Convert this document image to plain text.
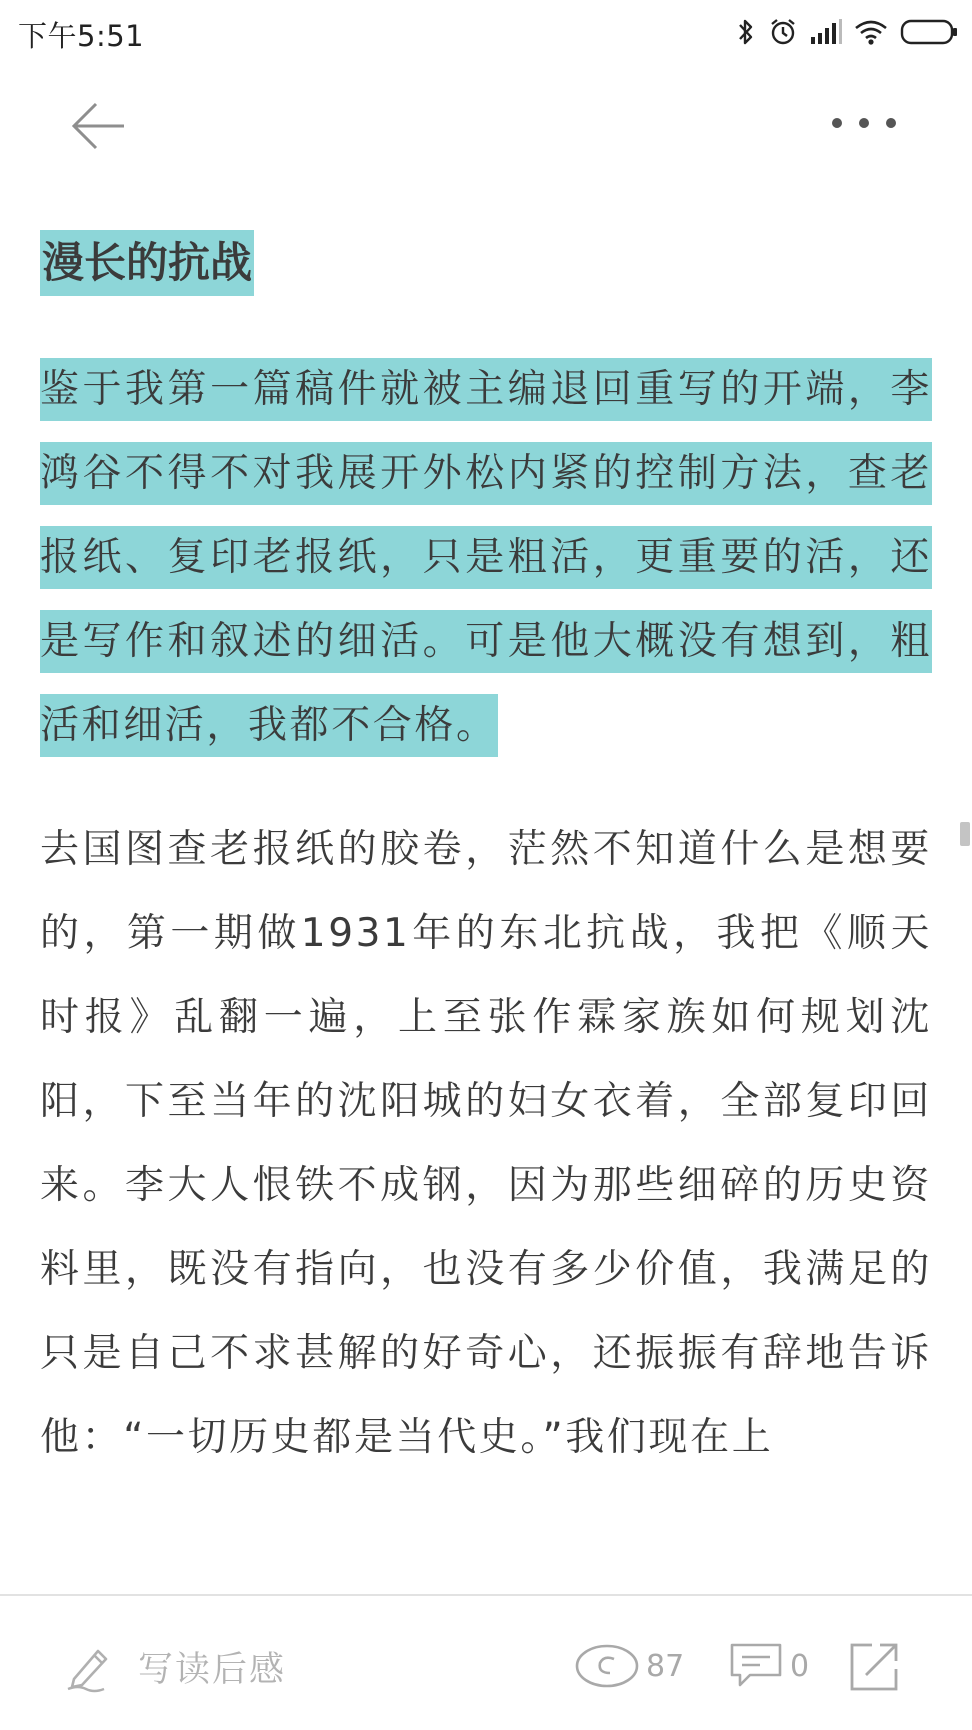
下午5:51
漫长的抗战

鉴于我第一篇稿件就被主编退回重写的开端，李鸿谷不得不对我展开外松内紧的控制方法，查老报纸、复印老报纸，只是粗活，更重要的活，还是写作和叙述的细活。可是他大概没有想到，粗活和细活，我都不合格。

去国图查老报纸的胶卷，茫然不知道什么是想要的，第一期做1931年的东北抗战，我把《顺天时报》乱翻一遍，上至张作霖家族如何规划沈阳，下至当年的沈阳城的妇女衣着，全部复印回来。李大人恨铁不成钢，因为那些细碎的历史资料里，既没有指向，也没有多少价值，我满足的只是自己不求甚解的好奇心，还振振有辞地告诉他：“一切历史都是当代史。”我们现在上

写读后感	87	0
